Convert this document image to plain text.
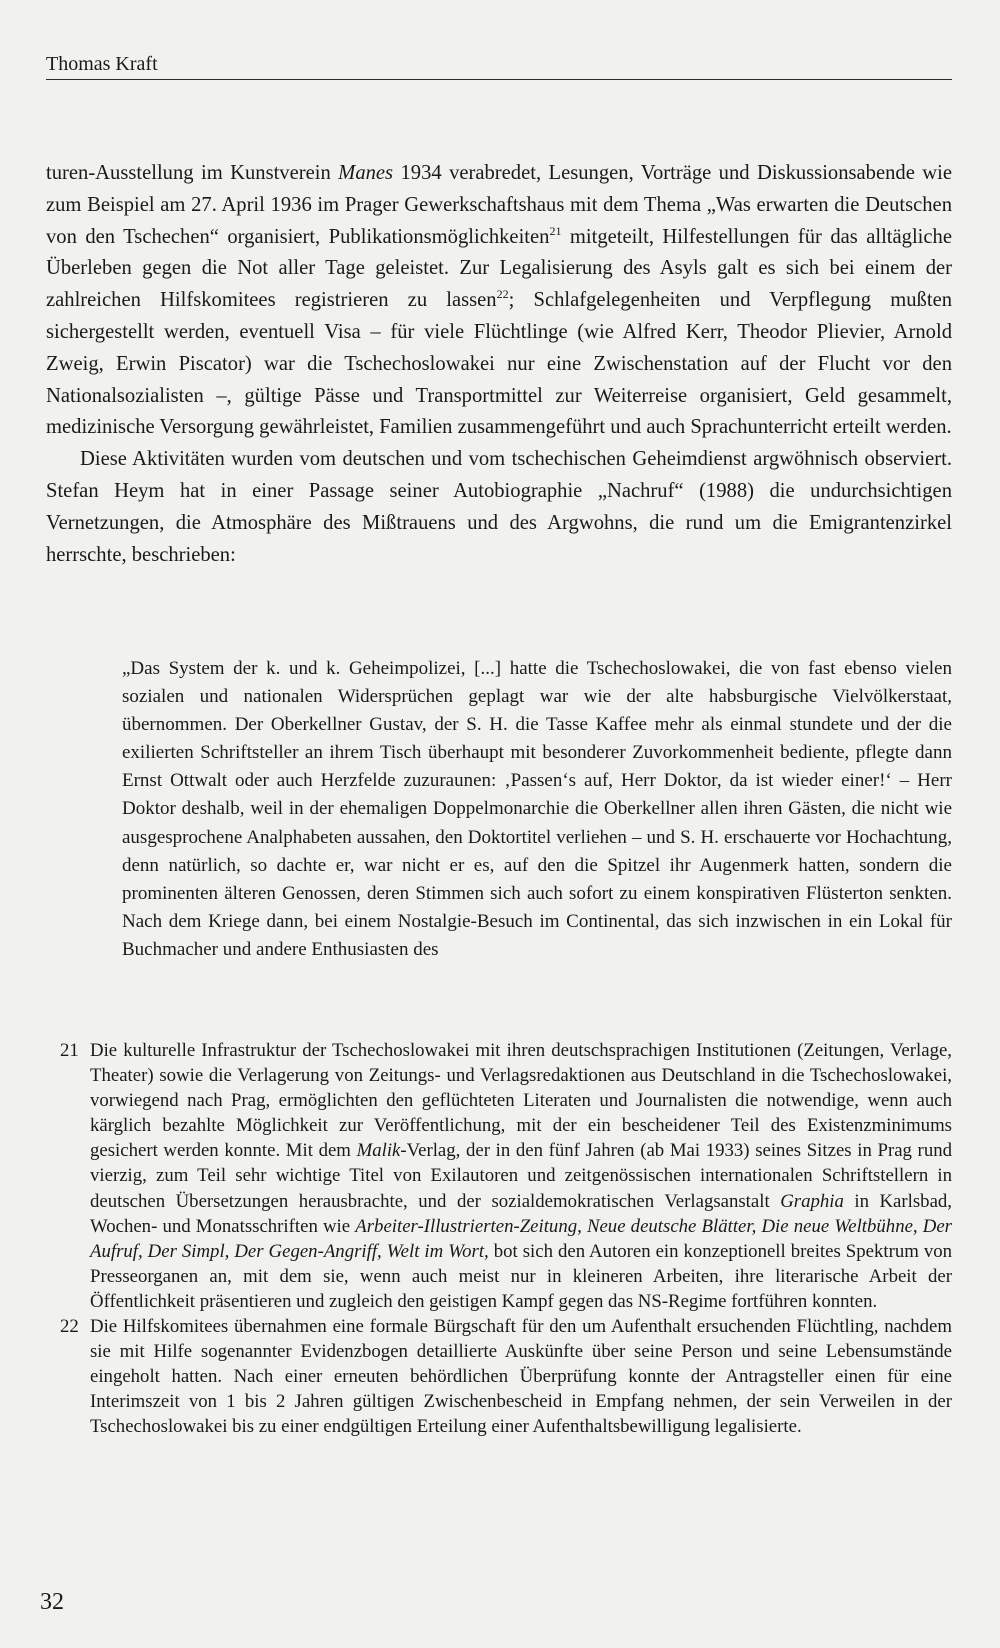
Thomas Kraft

turen-Ausstellung im Kunstverein Manes 1934 verabredet, Lesungen, Vorträge und Diskussionsabende wie zum Beispiel am 27. April 1936 im Prager Gewerkschaftshaus mit dem Thema „Was erwarten die Deutschen von den Tschechen“ organisiert, Publikationsmöglichkeiten$^{21}$ mitgeteilt, Hilfestellungen für das alltägliche Überleben gegen die Not aller Tage geleistet. Zur Legalisierung des Asyls galt es sich bei einem der zahlreichen Hilfskomitees registrieren zu lassen$^{22}$; Schlafgelegenheiten und Verpflegung mußten sichergestellt werden, eventuell Visa – für viele Flüchtlinge (wie Alfred Kerr, Theodor Plievier, Arnold Zweig, Erwin Piscator) war die Tschechoslowakei nur eine Zwischenstation auf der Flucht vor den Nationalsozialisten –, gültige Pässe und Transportmittel zur Weiterreise organisiert, Geld gesammelt, medizinische Versorgung gewährleistet, Familien zusammengeführt und auch Sprachunterricht erteilt werden.

Diese Aktivitäten wurden vom deutschen und vom tschechischen Geheimdienst argwöhnisch observiert. Stefan Heym hat in einer Passage seiner Autobiographie „Nachruf“ (1988) die undurchsichtigen Vernetzungen, die Atmosphäre des Mißtrauens und des Argwohns, die rund um die Emigrantenzirkel herrschte, beschrieben:

„Das System der k. und k. Geheimpolizei, [...] hatte die Tschechoslowakei, die von fast ebenso vielen sozialen und nationalen Widersprüchen geplagt war wie der alte habsburgische Vielvölkerstaat, übernommen. Der Oberkellner Gustav, der S. H. die Tasse Kaffee mehr als einmal stundete und der die exilierten Schriftsteller an ihrem Tisch überhaupt mit besonderer Zuvorkommenheit bediente, pflegte dann Ernst Ottwalt oder auch Herzfelde zuzuraunen: ‚Passen‘s auf, Herr Doktor, da ist wieder einer!‘ – Herr Doktor deshalb, weil in der ehemaligen Doppelmonarchie die Oberkellner allen ihren Gästen, die nicht wie ausgesprochene Analphabeten aussahen, den Doktortitel verliehen – und S. H. erschauerte vor Hochachtung, denn natürlich, so dachte er, war nicht er es, auf den die Spitzel ihr Augenmerk hatten, sondern die prominenten älteren Genossen, deren Stimmen sich auch sofort zu einem konspirativen Flüsterton senkten. Nach dem Kriege dann, bei einem Nostalgie-Besuch im Continental, das sich inzwischen in ein Lokal für Buchmacher und andere Enthusiasten des

21 Die kulturelle Infrastruktur der Tschechoslowakei mit ihren deutschsprachigen Institutionen (Zeitungen, Verlage, Theater) sowie die Verlagerung von Zeitungs- und Verlagsredaktionen aus Deutschland in die Tschechoslowakei, vorwiegend nach Prag, ermöglichten den geflüchteten Literaten und Journalisten die notwendige, wenn auch kärglich bezahlte Möglichkeit zur Veröffentlichung, mit der ein bescheidener Teil des Existenzminimums gesichert werden konnte. Mit dem Malik-Verlag, der in den fünf Jahren (ab Mai 1933) seines Sitzes in Prag rund vierzig, zum Teil sehr wichtige Titel von Exilautoren und zeitgenössischen internationalen Schriftstellern in deutschen Übersetzungen herausbrachte, und der sozialdemokratischen Verlagsanstalt Graphia in Karlsbad, Wochen- und Monatsschriften wie Arbeiter-Illustrierten-Zeitung, Neue deutsche Blätter, Die neue Weltbühne, Der Aufruf, Der Simpl, Der Gegen-Angriff, Welt im Wort, bot sich den Autoren ein konzeptionell breites Spektrum von Presseorganen an, mit dem sie, wenn auch meist nur in kleineren Arbeiten, ihre literarische Arbeit der Öffentlichkeit präsentieren und zugleich den geistigen Kampf gegen das NS-Regime fortführen konnten.

22 Die Hilfskomitees übernahmen eine formale Bürgschaft für den um Aufenthalt ersuchenden Flüchtling, nachdem sie mit Hilfe sogenannter Evidenzbogen detaillierte Auskünfte über seine Person und seine Lebensumstände eingeholt hatten. Nach einer erneuten behördlichen Überprüfung konnte der Antragsteller einen für eine Interimszeit von 1 bis 2 Jahren gültigen Zwischenbescheid in Empfang nehmen, der sein Verweilen in der Tschechoslowakei bis zu einer endgültigen Erteilung einer Aufenthaltsbewilligung legalisierte.

32
